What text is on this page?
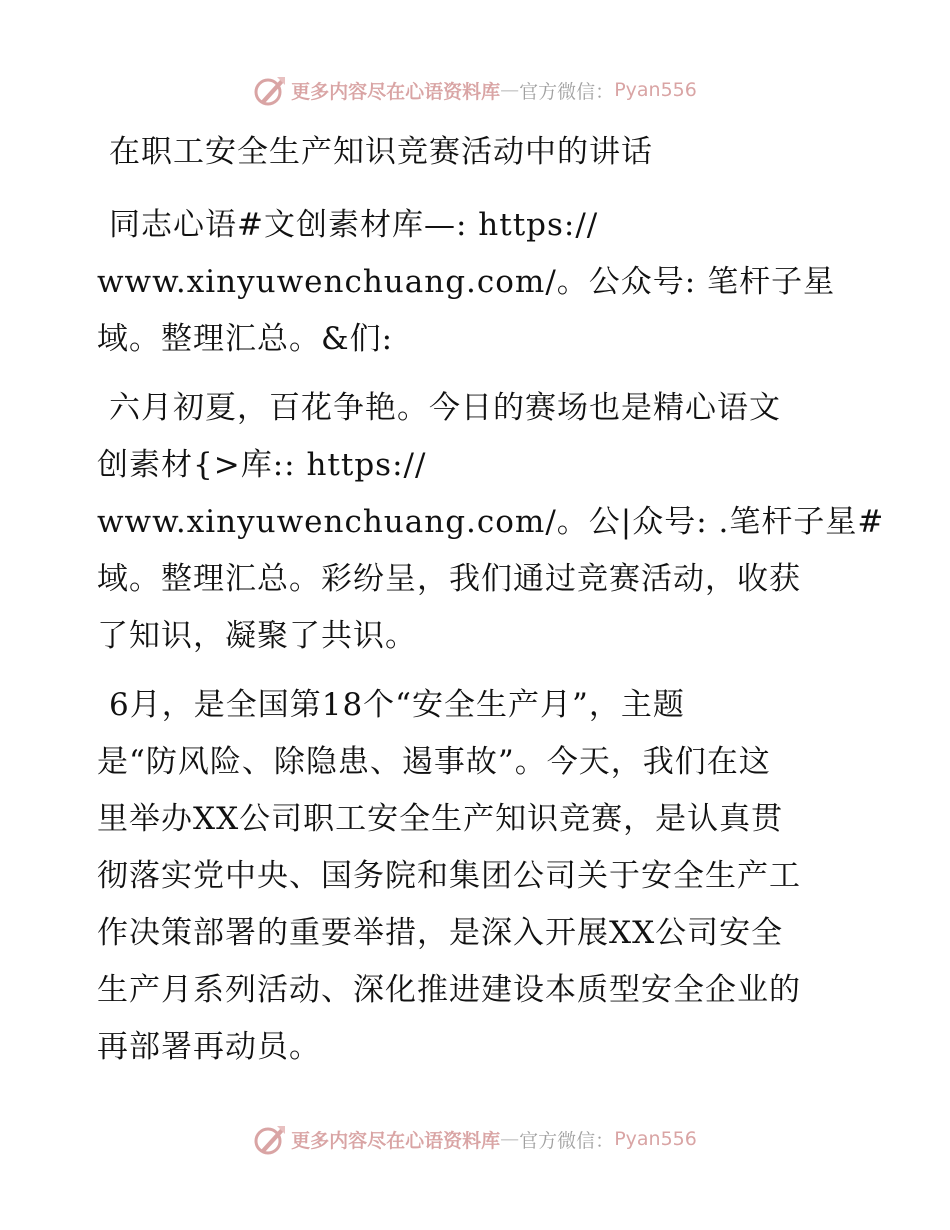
更多内容尽在心语资料库 — 官方微信： Pyan556

在职工安全生产知识竞赛活动中的讲话

同志心语#文创素材库—: https://
www.xinyuwenchuang.com/。公众号: 笔杆子星
域。整理汇总。&们:

六月初夏，百花争艳。今日的赛场也是精心语文
创素材{>库:: https://
www.xinyuwenchuang.com/。公|众号: .笔杆子星#
域。整理汇总。彩纷呈，我们通过竞赛活动，收获
了知识，凝聚了共识。

6月，是全国第18个“安全生产月”，主题
是“防风险、除隐患、遏事故”。今天，我们在这
里举办XX公司职工安全生产知识竞赛，是认真贯
彻落实党中央、国务院和集团公司关于安全生产工
作决策部署的重要举措，是深入开展XX公司安全
生产月系列活动、深化推进建设本质型安全企业的
再部署再动员。

更多内容尽在心语资料库 — 官方微信： Pyan556
